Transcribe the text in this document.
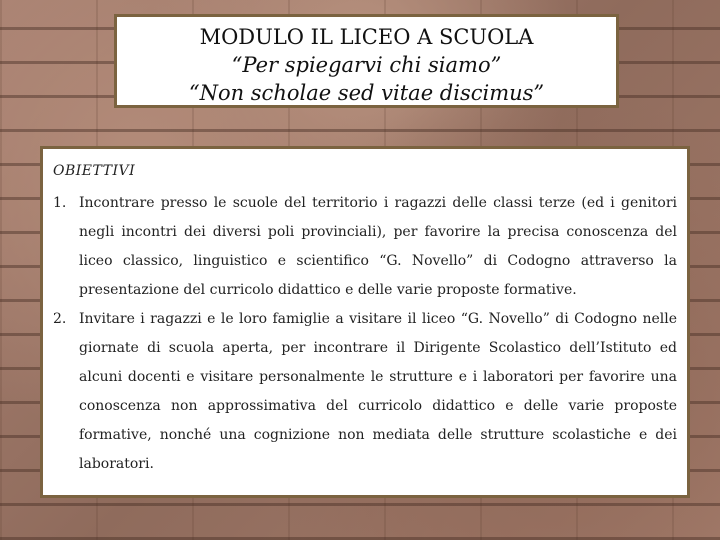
MODULO IL LICEO A SCUOLA
“Per spiegarvi chi siamo”
“Non scholae sed vitae discimus”
OBIETTIVI
1. Incontrare presso le scuole del territorio i ragazzi delle classi terze (ed i genitori negli incontri dei diversi poli provinciali), per favorire la precisa conoscenza del liceo classico, linguistico e scientifico “G. Novello” di Codogno attraverso la presentazione del curricolo didattico e delle varie proposte formative.
2. Invitare i ragazzi e le loro famiglie a visitare il liceo “G. Novello” di Codogno nelle giornate di scuola aperta, per incontrare il Dirigente Scolastico dell’Istituto ed alcuni docenti e visitare personalmente le strutture e i laboratori per favorire una conoscenza non approssimativa del curricolo didattico e delle varie proposte formative, nonché una cognizione non mediata delle strutture scolastiche e dei laboratori.
